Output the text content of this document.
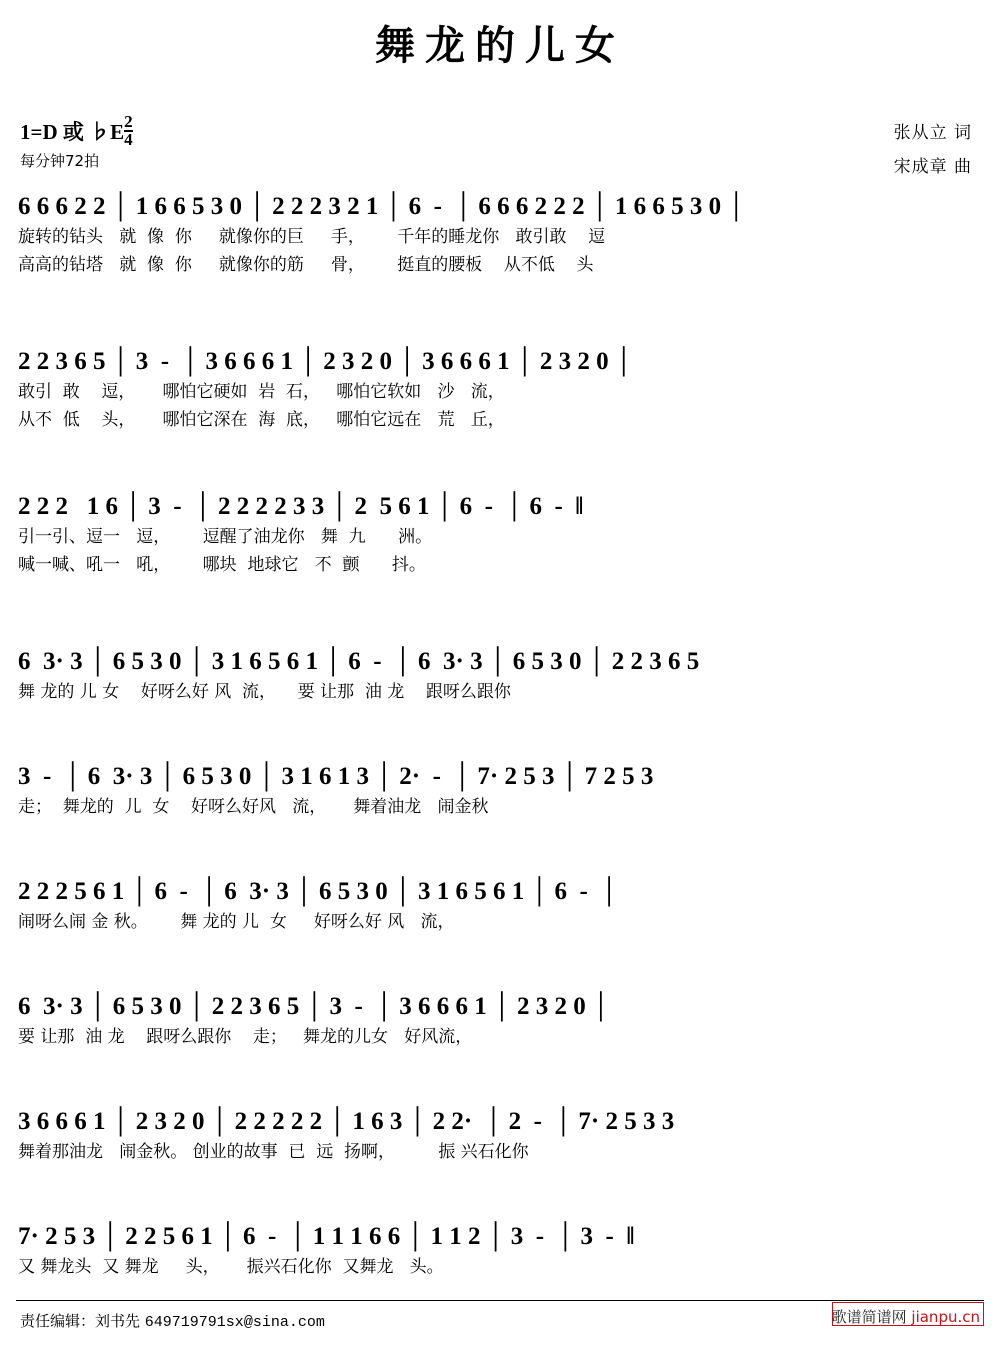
舞龙的儿女
1=D 或 ♭E $\frac{2}{4}$
每分钟72拍
张从立 词
宋成章 曲
6 6 6 2 2 │ 1 6 6 5 3 0 │ 2 2 2 3 2 1 │ 6  -  │ 6 6 6 2 2 2 │ 1 6 6 5 3 0 │
旋转的钻头   就  像  你     就像你的巨     手，      千年的睡龙你   敢引敢    逗
高高的钻塔   就  像  你     就像你的筋     骨，      挺直的腰板    从不低    头
2 2 3 6 5 │ 3  -  │ 3 6 6 6 1 │ 2 3 2 0 │ 3 6 6 6 1 │ 2 3 2 0 │
敢引  敢    逗，     哪怕它硬如  岩  石，   哪怕它软如   沙   流，
从不  低    头，     哪怕它深在  海  底，   哪怕它远在   荒   丘，
2 2 2   1 6 │ 3  -  │ 2 2 2 2 3 3 │ 2  5 6 1 │ 6  -  │ 6  -  ‖
引一引、逗一   逗，      逗醒了油龙你   舞  九      洲。
喊一喊、吼一   吼，      哪块  地球它   不  颤      抖。
6  3· 3 │ 6 5 3 0 │ 3 1 6 5 6 1 │ 6  -  │ 6  3· 3 │ 6 5 3 0 │ 2 2 3 6 5
舞 龙的 儿 女    好呀么好 风  流，    要 让那  油 龙    跟呀么跟你
3  -  │ 6  3· 3 │ 6 5 3 0 │ 3 1 6 1 3 │ 2·  -  │ 7· 2 5 3 │ 7 2 5 3
走；  舞龙的  儿  女    好呀么好风   流，     舞着油龙   闹金秋
2 2 2 5 6 1 │ 6  -  │ 6  3· 3 │ 6 5 3 0 │ 3 1 6 5 6 1 │ 6  -  │
闹呀么闹 金 秋。      舞 龙的 儿  女     好呀么好 风   流，
6  3· 3 │ 6 5 3 0 │ 2 2 3 6 5 │ 3  -  │ 3 6 6 6 1 │ 2 3 2 0 │
要 让那  油 龙    跟呀么跟你    走；   舞龙的儿女   好风流，
3 6 6 6 1 │ 2 3 2 0 │ 2 2 2 2 2 │ 1 6 3 │ 2 2·  │ 2  -  │ 7· 2 5 3 3
舞着那油龙   闹金秋。 创业的故事  已  远  扬啊，        振 兴石化你
7· 2 5 3 │ 2 2 5 6 1 │ 6  -  │ 1 1 1 6 6 │ 1 1 2 │ 3  -  │ 3  -  ‖
又 舞龙头  又 舞龙     头，     振兴石化你  又舞龙   头。
责任编辑：刘书先 649719791sx@sina.com	歌谱简谱网 jianpu.cn
